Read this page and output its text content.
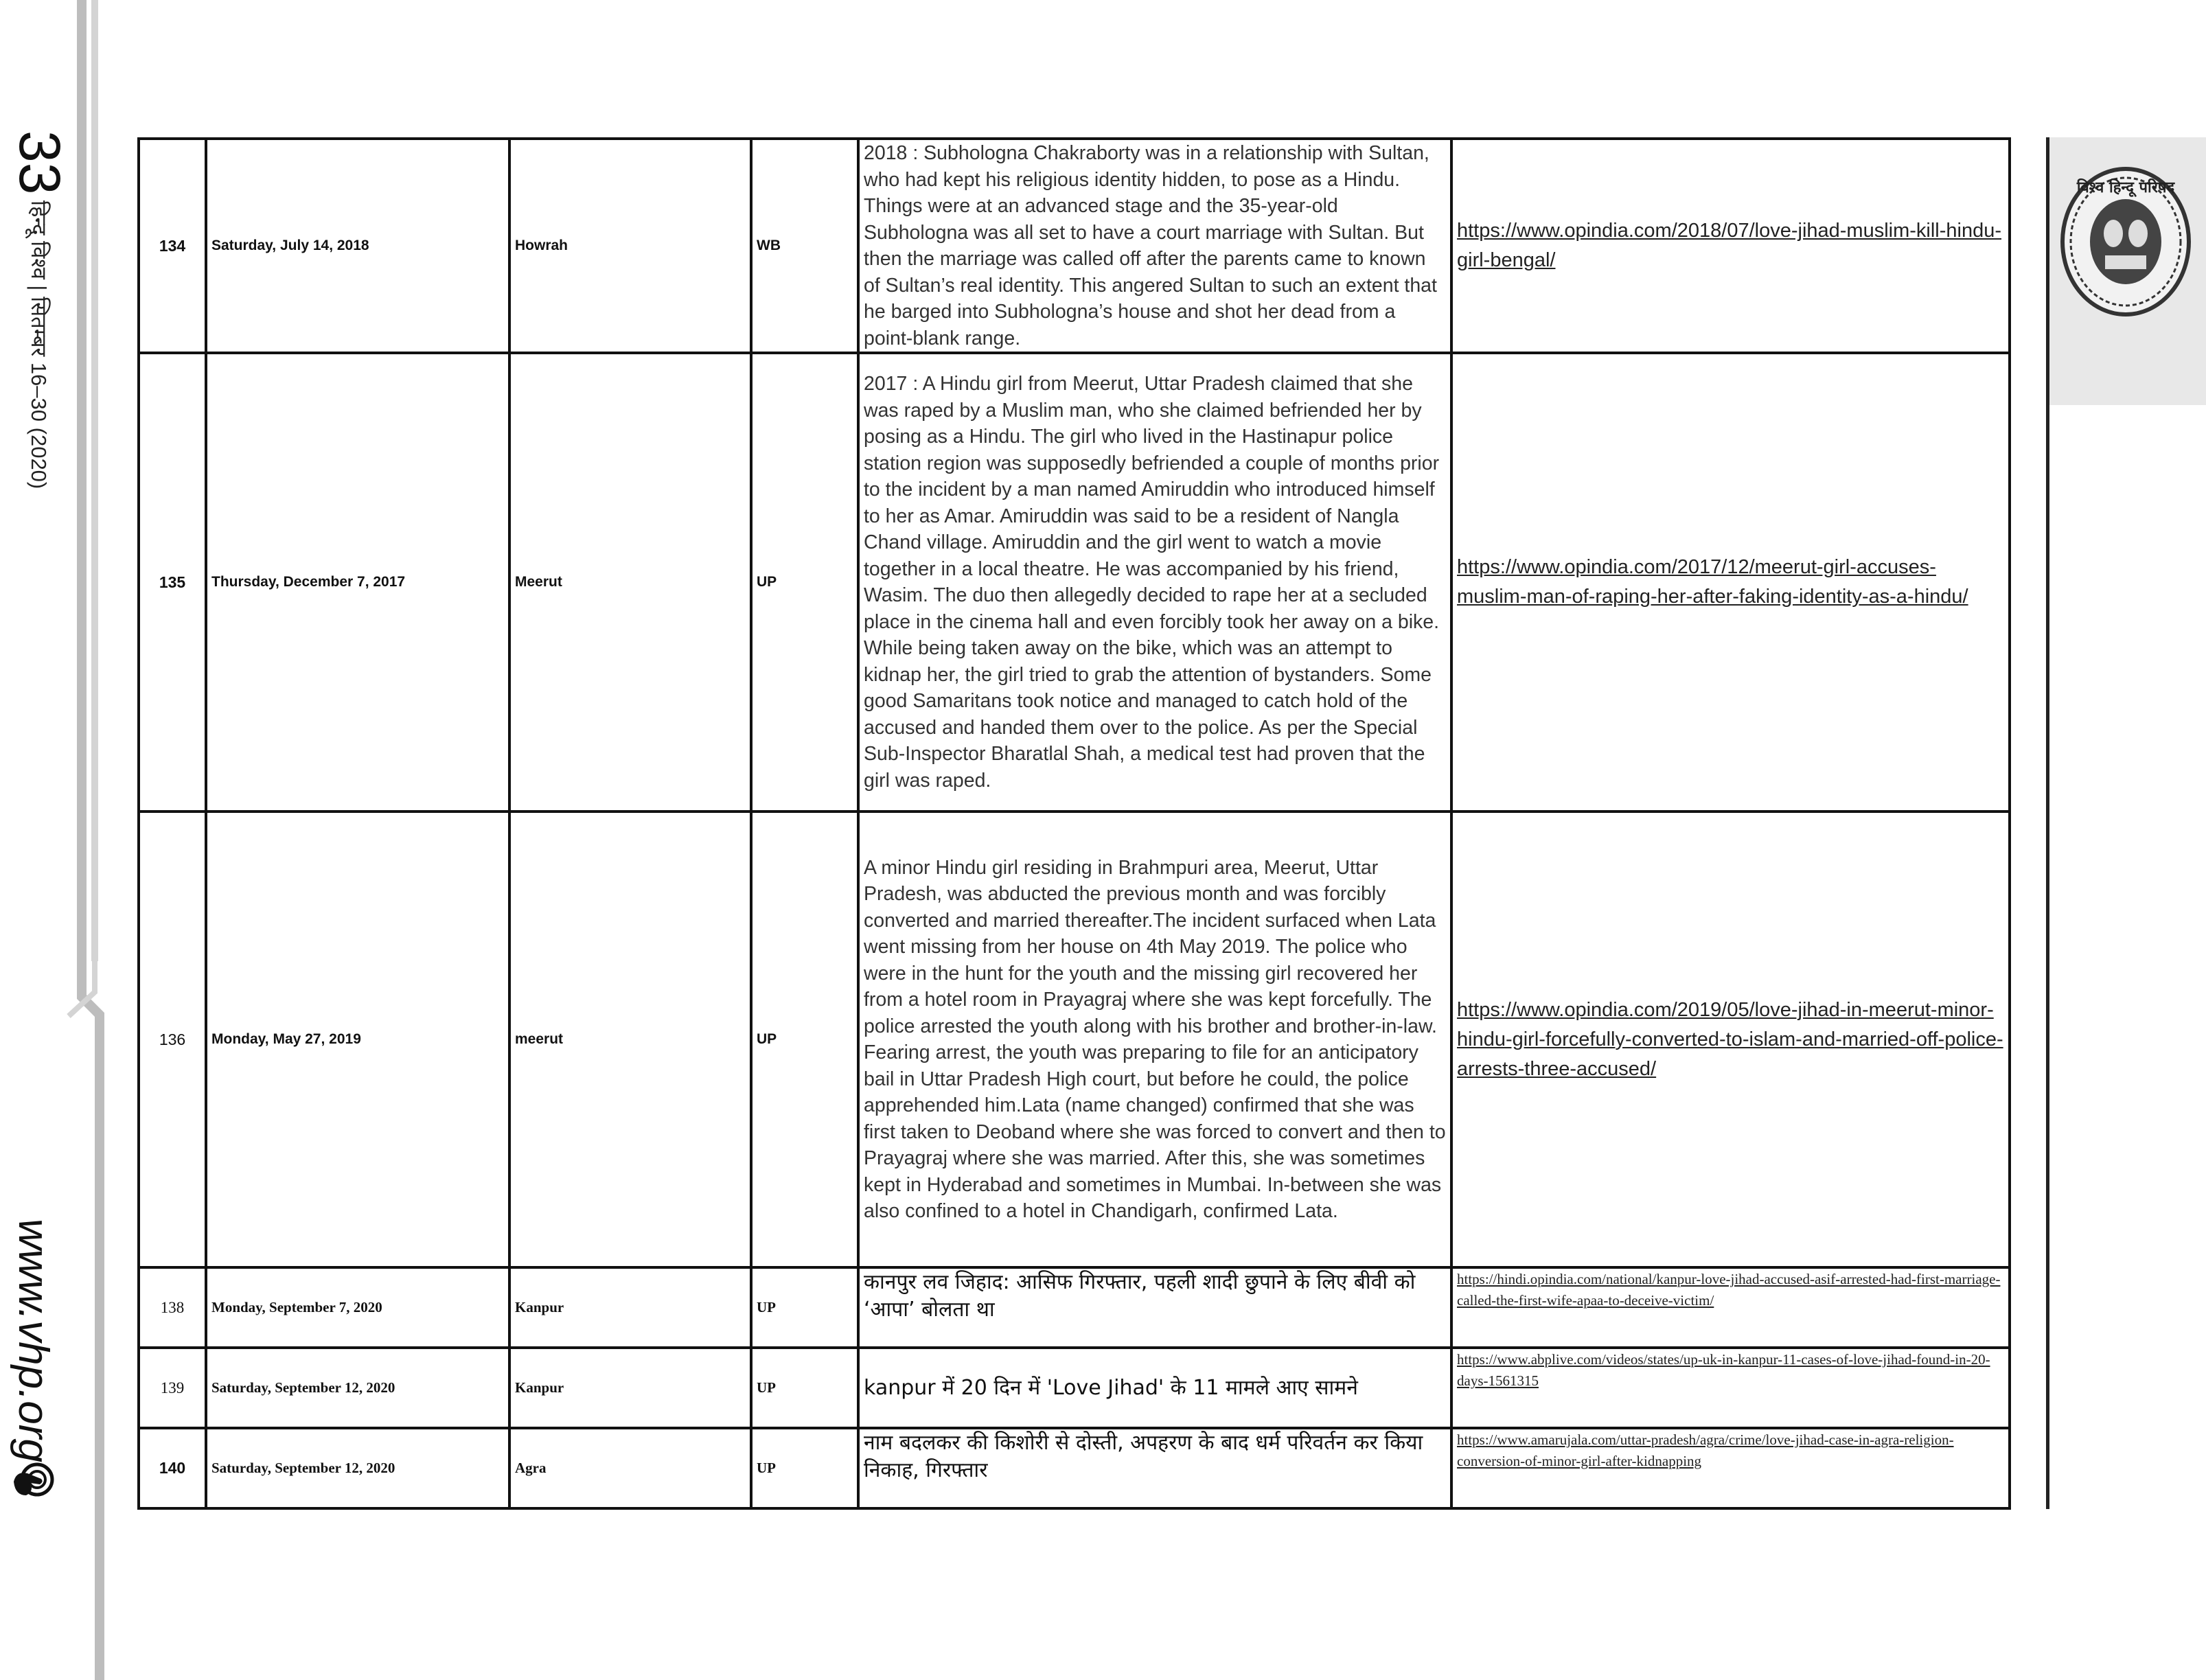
33
हिन्दू विश्व | सितम्बर 16–30 (2020)
www.vhp.org
विश्व हिन्दू परिषद
134	Saturday, July 14, 2018	Howrah	WB	2018 : Subhologna Chakraborty was in a relationship with Sultan, who had kept his religious identity hidden, to pose as a Hindu. Things were at an advanced stage and the 35-year-old Subhologna was all set to have a court marriage with Sultan. But then the marriage was called off after the parents came to known of Sultan’s real identity. This angered Sultan to such an extent that he barged into Subhologna’s house and shot her dead from a point-blank range.	https://www.opindia.com/2018/07/love-jihad-muslim-kill-hindu-girl-bengal/
135	Thursday, December 7, 2017	Meerut	UP	2017 : A Hindu girl from Meerut, Uttar Pradesh claimed that she was raped by a Muslim man, who she claimed befriended her by posing as a Hindu. The girl who lived in the Hastinapur police station region was supposedly befriended a couple of months prior to the incident by a man named Amiruddin who introduced himself to her as Amar. Amiruddin was said to be a resident of Nangla Chand village. Amiruddin and the girl went to watch a movie together in a local theatre. He was accompanied by his friend, Wasim. The duo then allegedly decided to rape her at a secluded place in the cinema hall and even forcibly took her away on a bike. While being taken away on the bike, which was an attempt to kidnap her, the girl tried to grab the attention of bystanders. Some good Samaritans took notice and managed to catch hold of the accused and handed them over to the police. As per the Special Sub-Inspector Bharatlal Shah, a medical test had proven that the girl was raped.	https://www.opindia.com/2017/12/meerut-girl-accuses-muslim-man-of-raping-her-after-faking-identity-as-a-hindu/
136	Monday, May 27, 2019	meerut	UP	A minor Hindu girl residing in Brahmpuri area, Meerut, Uttar Pradesh, was abducted the previous month and was forcibly converted and married thereafter.The incident surfaced when Lata went missing from her house on 4th May 2019. The police who were in the hunt for the youth and the missing girl recovered her from a hotel room in Prayagraj where she was kept forcefully. The police arrested the youth along with his brother and brother-in-law. Fearing arrest, the youth was preparing to file for an anticipatory bail in Uttar Pradesh High court, but before he could, the police apprehended him.Lata (name changed) confirmed that she was first taken to Deoband where she was forced to convert and then to Prayagraj where she was married. After this, she was sometimes kept in Hyderabad and sometimes in Mumbai. In-between she was also confined to a hotel in Chandigarh, confirmed Lata.	https://www.opindia.com/2019/05/love-jihad-in-meerut-minor-hindu-girl-forcefully-converted-to-islam-and-married-off-police-arrests-three-accused/
138	Monday, September 7, 2020	Kanpur	UP	कानपुर लव जिहाद: आसिफ गिरफ्तार, पहली शादी छुपाने के लिए बीवी को ‘आपा’ बोलता था	https://hindi.opindia.com/national/kanpur-love-jihad-accused-asif-arrested-had-first-marriage-called-the-first-wife-apaa-to-deceive-victim/
139	Saturday, September 12, 2020	Kanpur	UP	kanpur में 20 दिन में 'Love Jihad' के 11 मामले आए सामने	https://www.abplive.com/videos/states/up-uk-in-kanpur-11-cases-of-love-jihad-found-in-20-days-1561315
140	Saturday, September 12, 2020	Agra	UP	नाम बदलकर की किशोरी से दोस्ती, अपहरण के बाद धर्म परिवर्तन कर किया निकाह, गिरफ्तार	https://www.amarujala.com/uttar-pradesh/agra/crime/love-jihad-case-in-agra-religion-conversion-of-minor-girl-after-kidnapping
